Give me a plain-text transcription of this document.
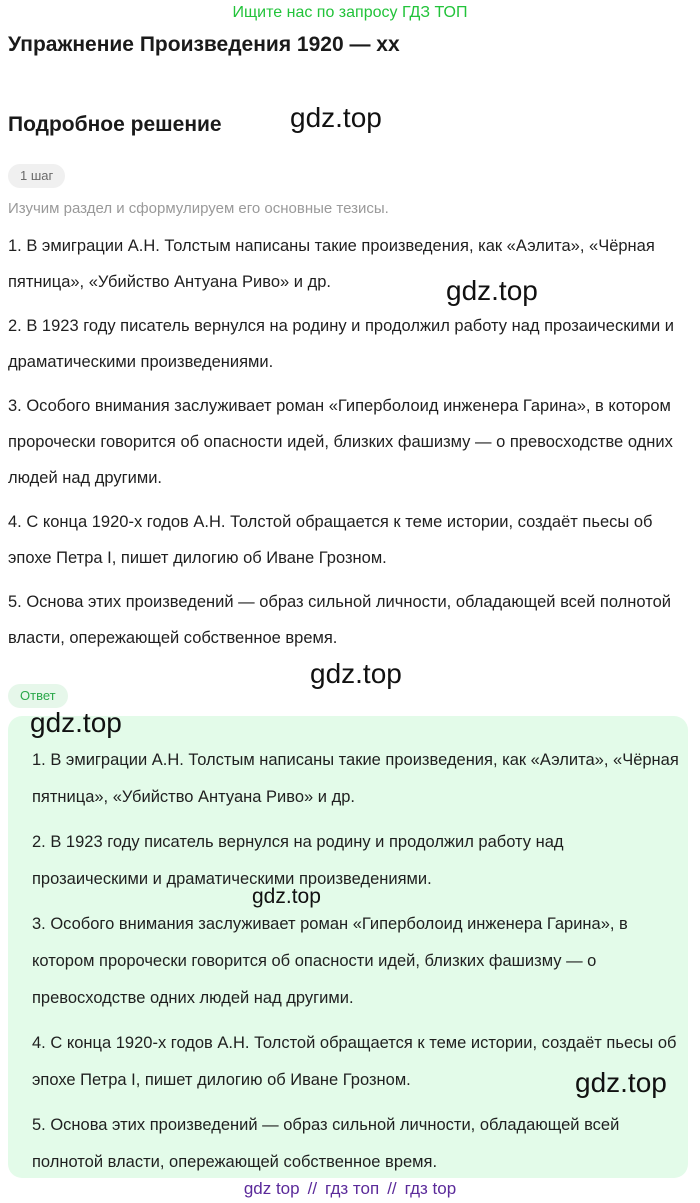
Ищите нас по запросу ГДЗ ТОП
Упражнение Произведения 1920 — xx
Подробное решение gdz.top
1 шаг
Изучим раздел и сформулируем его основные тезисы.

1. В эмиграции А.Н. Толстым написаны такие произведения, как «Аэлита», «Чёрная пятница», «Убийство Антуана Риво» и др.

2. В 1923 году писатель вернулся на родину и продолжил работу над прозаическими и драматическими произведениями.

3. Особого внимания заслуживает роман «Гиперболоид инженера Гарина», в котором пророчески говорится об опасности идей, близких фашизму — о превосходстве одних людей над другими.

4. С конца 1920-х годов А.Н. Толстой обращается к теме истории, создаёт пьесы об эпохе Петра I, пишет дилогию об Иване Грозном.

5. Основа этих произведений — образ сильной личности, обладающей всей полнотой власти, опережающей собственное время.

gdz.top
gdz.top
Ответ

1. В эмиграции А.Н. Толстым написаны такие произведения, как «Аэлита», «Чёрная пятница», «Убийство Антуана Риво» и др.

2. В 1923 году писатель вернулся на родину и продолжил работу над прозаическими и драматическими произведениями.

3. Особого внимания заслуживает роман «Гиперболоид инженера Гарина», в котором пророчески говорится об опасности идей, близких фашизму — о превосходстве одних людей над другими.

4. С конца 1920-х годов А.Н. Толстой обращается к теме истории, создаёт пьесы об эпохе Петра I, пишет дилогию об Иване Грозном.

5. Основа этих произведений — образ сильной личности, обладающей всей полнотой власти, опережающей собственное время.

gdz.top
gdz.top
gdz.top
gdz top // гдз топ // гдз top
